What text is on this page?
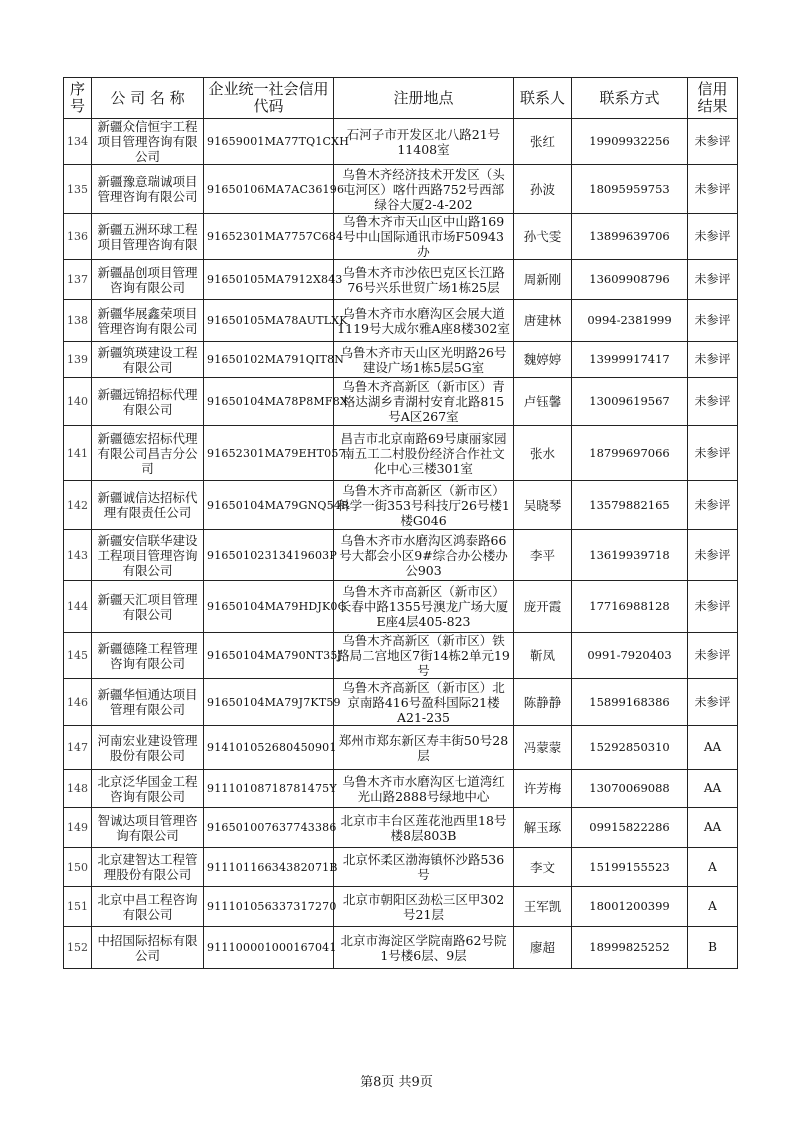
序号	公 司 名 称	企业统一社会信用代码	注册地点	联系人	联系方式	信用结果
134	新疆众信恒宇工程项目管理咨询有限公司	91659001MA77TQ1CXH	石河子市开发区北八路21号11408室	张红	19909932256	未参评
135	新疆豫意瑞诚项目管理咨询有限公司	91650106MA7AC36196	乌鲁木齐经济技术开发区（头屯河区）喀什西路752号西部绿谷大厦2-4-202	孙波	18095959753	未参评
136	新疆五洲环球工程项目管理咨询有限	91652301MA7757C684	乌鲁木齐市天山区中山路169号中山国际通讯市场F50943办	孙弋雯	13899639706	未参评
137	新疆晶创项目管理咨询有限公司	91650105MA7912X843	乌鲁木齐市沙依巴克区长江路76号兴乐世贸广场1栋25层	周新刚	13609908796	未参评
138	新疆华展鑫荣项目管理咨询有限公司	91650105MA78AUTLXK	乌鲁木齐市水磨沟区会展大道1119号大成尔雅A座8楼302室	唐建林	0994-2381999	未参评
139	新疆筑瑛建设工程有限公司	91650102MA791QIT8N	乌鲁木齐市天山区光明路26号建设广场1栋5层5G室	魏婷婷	13999917417	未参评
140	新疆远锦招标代理有限公司	91650104MA78P8MF8X	乌鲁木齐高新区（新市区）青格达湖乡青湖村安育北路815号A区267室	卢钰馨	13009619567	未参评
141	新疆德宏招标代理有限公司昌吉分公司	91652301MA79EHT057	昌吉市北京南路69号康丽家园南五工二村股份经济合作社文化中心三楼301室	张水	18799697066	未参评
142	新疆诚信达招标代理有限责任公司	91650104MA79GNQ54R	乌鲁木齐市高新区（新市区）科学一街353号科技厅26号楼1楼G046	吴晓琴	13579882165	未参评
143	新疆安信联华建设工程项目管理咨询有限公司	91650102313419603P	乌鲁木齐市水磨沟区鸿泰路66号大都会小区9#综合办公楼办公903	李平	13619939718	未参评
144	新疆天汇项目管理有限公司	91650104MA79HDJK0G	乌鲁木齐市高新区（新市区）长春中路1355号澳龙广场大厦E座4层405-823	庞开霞	17716988128	未参评
145	新疆德隆工程管理咨询有限公司	91650104MA790NT35J	乌鲁木齐高新区（新市区）铁路局二宫地区7街14栋2单元19号	靳凤	0991-7920403	未参评
146	新疆华恒通达项目管理有限公司	91650104MA79J7KT59	乌鲁木齐高新区（新市区）北京南路416号盈科国际21楼A21-235	陈静静	15899168386	未参评
147	河南宏业建设管理股份有限公司	914101052680450901	郑州市郑东新区寿丰街50号28层	冯蒙蒙	15292850310	AA
148	北京泛华国金工程咨询有限公司	91110108718781475Y	乌鲁木齐市水磨沟区七道湾红光山路2888号绿地中心	许芳梅	13070069088	AA
149	智诚达项目管理咨询有限公司	916501007637743386	北京市丰台区莲花池西里18号楼8层803B	解玉琢	09915822286	AA
150	北京建智达工程管理股份有限公司	91110116634382071B	北京怀柔区渤海镇怀沙路536号	李文	15199155523	A
151	北京中昌工程咨询有限公司	911101056337317270	北京市朝阳区劲松三区甲302号21层	王军凯	18001200399	A
152	中招国际招标有限公司	911100001000167041	北京市海淀区学院南路62号院1号楼6层、9层	廖超	18999825252	B
第8页 共9页
